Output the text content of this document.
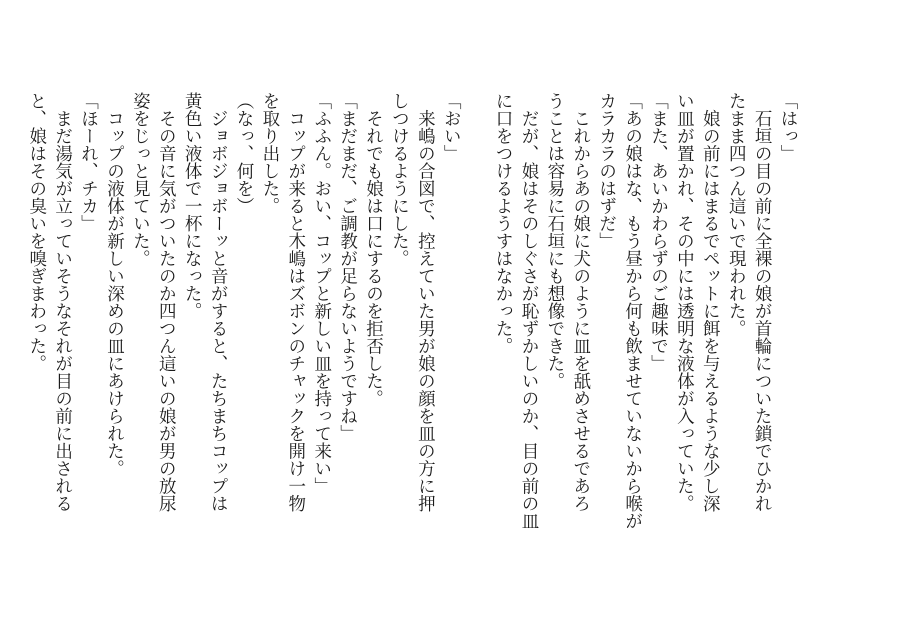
「はっ」

　石垣の目の前に全裸の娘が首輪についた鎖でひかれ

たまま四つん這いで現われた。

　娘の前にはまるでペットに餌を与えるような少し深

い皿が置かれ、その中には透明な液体が入っていた。

「また、あいかわらずのご趣味で」

「あの娘はな、もう昼から何も飲ませていないから喉が

カラカラのはずだ」

　これからあの娘に犬のように皿を舐めさせるであろ

うことは容易に石垣にも想像できた。

　だが、娘はそのしぐさが恥ずかしいのか、目の前の皿

に口をつけるようすはなかった。

「おい」

　来嶋の合図で、控えていた男が娘の顔を皿の方に押

しつけるようにした。

　それでも娘は口にするのを拒否した。

「まだまだ、ご調教が足らないようですね」

「ふふん。おい、コップと新しい皿を持って来い」

　コップが来ると木嶋はズボンのチャックを開け一物

を取り出した。

（なっ、何を）

　ジョボジョボーッと音がすると、たちまちコップは

黄色い液体で一杯になった。

　その音に気がついたのか四つん這いの娘が男の放尿

姿をじっと見ていた。

　コップの液体が新しい深めの皿にあけられた。

「ほーれ、チカ」

　まだ湯気が立っていそうなそれが目の前に出される

と、娘はその臭いを嗅ぎまわった。
